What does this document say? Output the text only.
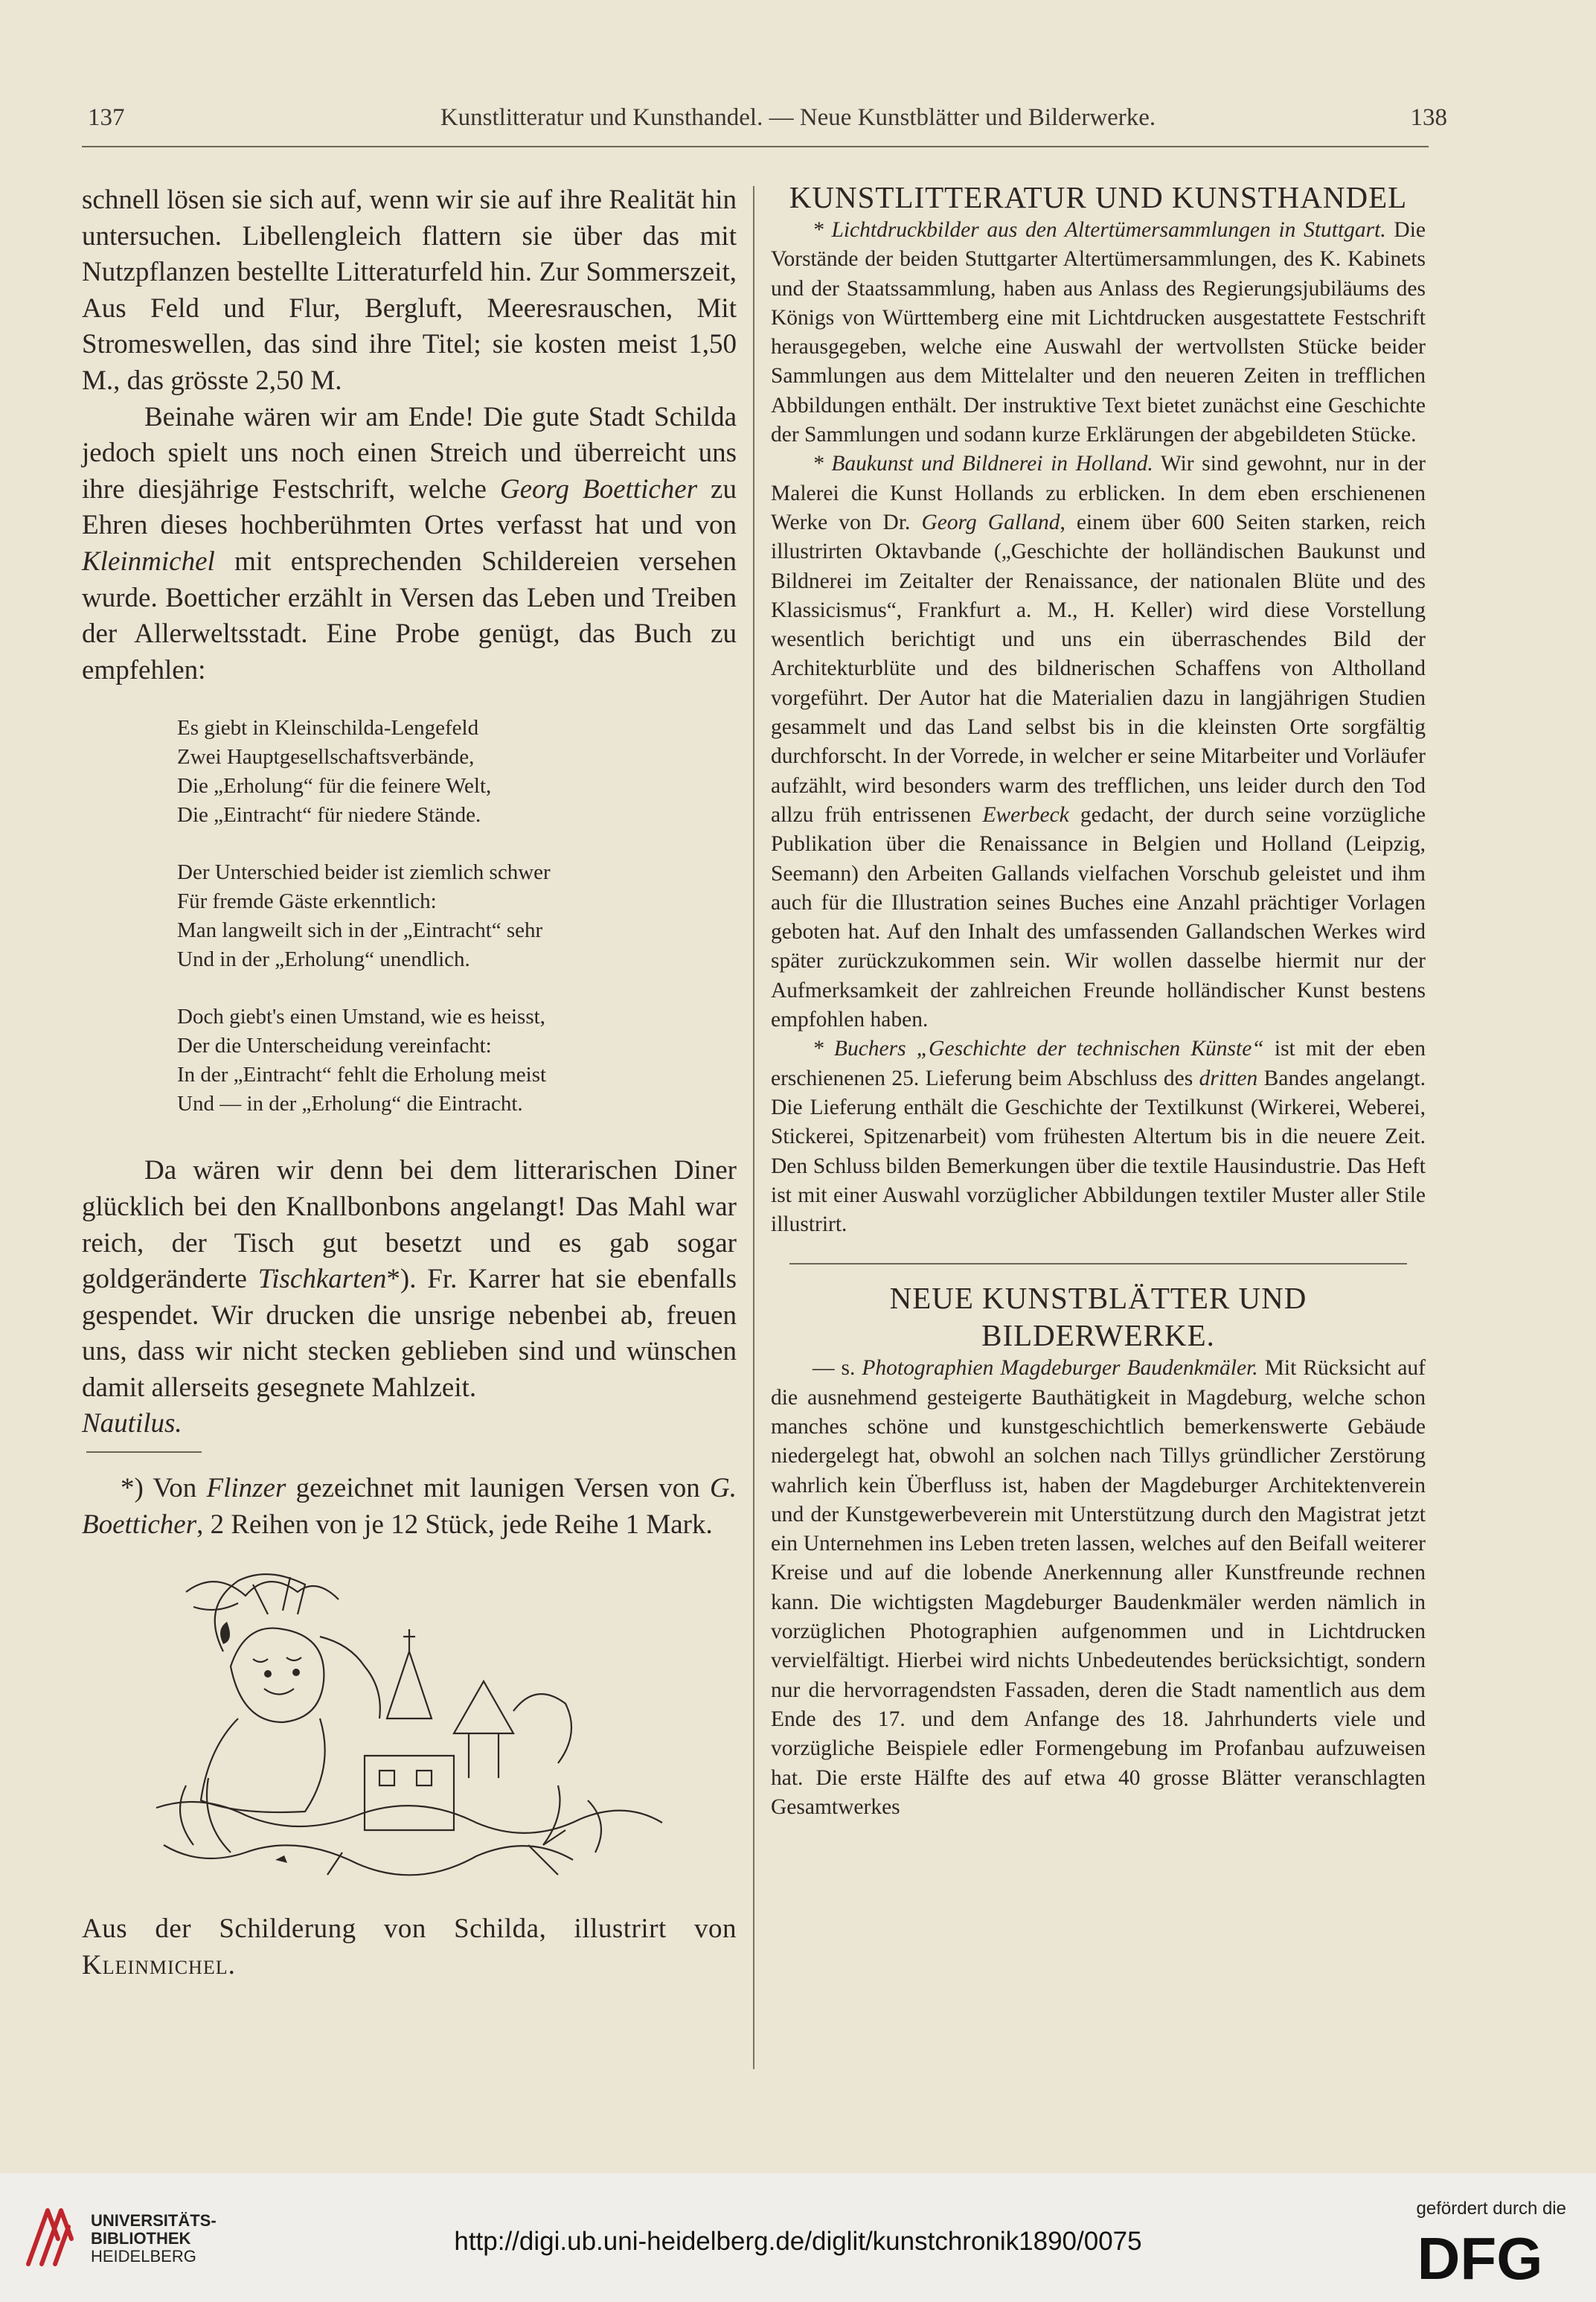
137	Kunstlitteratur und Kunsthandel. — Neue Kunstblätter und Bilderwerke.	138

schnell lösen sie sich auf, wenn wir sie auf ihre Realität hin untersuchen. Libellengleich flattern sie über das mit Nutzpflanzen bestellte Litteraturfeld hin. Zur Sommerszeit, Aus Feld und Flur, Bergluft, Meeresrauschen, Mit Stromeswellen, das sind ihre Titel; sie kosten meist 1,50 M., das grösste 2,50 M.

Beinahe wären wir am Ende! Die gute Stadt Schilda jedoch spielt uns noch einen Streich und überreicht uns ihre diesjährige Festschrift, welche Georg Boetticher zu Ehren dieses hochberühmten Ortes verfasst hat und von Kleinmichel mit entsprechenden Schildereien versehen wurde. Boetticher erzählt in Versen das Leben und Treiben der Allerweltsstadt. Eine Probe genügt, das Buch zu empfehlen:

Es giebt in Kleinschilda-Lengefeld
Zwei Hauptgesellschaftsverbände,
Die „Erholung“ für die feinere Welt,
Die „Eintracht“ für niedere Stände.
Der Unterschied beider ist ziemlich schwer
Für fremde Gäste erkenntlich:
Man langweilt sich in der „Eintracht“ sehr
Und in der „Erholung“ unendlich.
Doch giebt's einen Umstand, wie es heisst,
Der die Unterscheidung vereinfacht:
In der „Eintracht“ fehlt die Erholung meist
Und — in der „Erholung“ die Eintracht.

Da wären wir denn bei dem litterarischen Diner glücklich bei den Knallbonbons angelangt! Das Mahl war reich, der Tisch gut besetzt und es gab sogar goldgeränderte Tischkarten*). Fr. Karrer hat sie ebenfalls gespendet. Wir drucken die unsrige nebenbei ab, freuen uns, dass wir nicht stecken geblieben sind und wünschen damit allerseits gesegnete Mahlzeit.

Nautilus.

*) Von Flinzer gezeichnet mit launigen Versen von G. Boetticher, 2 Reihen von je 12 Stück, jede Reihe 1 Mark.

Aus der Schilderung von Schilda, illustrirt von Kleinmichel.

KUNSTLITTERATUR UND KUNSTHANDEL

* Lichtdruckbilder aus den Altertümersammlungen in Stuttgart. Die Vorstände der beiden Stuttgarter Altertümersammlungen, des K. Kabinets und der Staatssammlung, haben aus Anlass des Regierungsjubiläums des Königs von Württemberg eine mit Lichtdrucken ausgestattete Festschrift herausgegeben, welche eine Auswahl der wertvollsten Stücke beider Sammlungen aus dem Mittelalter und den neueren Zeiten in trefflichen Abbildungen enthält. Der instruktive Text bietet zunächst eine Geschichte der Sammlungen und sodann kurze Erklärungen der abgebildeten Stücke.

* Baukunst und Bildnerei in Holland. Wir sind gewohnt, nur in der Malerei die Kunst Hollands zu erblicken. In dem eben erschienenen Werke von Dr. Georg Galland, einem über 600 Seiten starken, reich illustrirten Oktavbande („Geschichte der holländischen Baukunst und Bildnerei im Zeitalter der Renaissance, der nationalen Blüte und des Klassicismus“, Frankfurt a. M., H. Keller) wird diese Vorstellung wesentlich berichtigt und uns ein überraschendes Bild der Architekturblüte und des bildnerischen Schaffens von Altholland vorgeführt. Der Autor hat die Materialien dazu in langjährigen Studien gesammelt und das Land selbst bis in die kleinsten Orte sorgfältig durchforscht. In der Vorrede, in welcher er seine Mitarbeiter und Vorläufer aufzählt, wird besonders warm des trefflichen, uns leider durch den Tod allzu früh entrissenen Ewerbeck gedacht, der durch seine vorzügliche Publikation über die Renaissance in Belgien und Holland (Leipzig, Seemann) den Arbeiten Gallands vielfachen Vorschub geleistet und ihm auch für die Illustration seines Buches eine Anzahl prächtiger Vorlagen geboten hat. Auf den Inhalt des umfassenden Gallandschen Werkes wird später zurückzukommen sein. Wir wollen dasselbe hiermit nur der Aufmerksamkeit der zahlreichen Freunde holländischer Kunst bestens empfohlen haben.

* Buchers „Geschichte der technischen Künste“ ist mit der eben erschienenen 25. Lieferung beim Abschluss des dritten Bandes angelangt. Die Lieferung enthält die Geschichte der Textilkunst (Wirkerei, Weberei, Stickerei, Spitzenarbeit) vom frühesten Altertum bis in die neuere Zeit. Den Schluss bilden Bemerkungen über die textile Hausindustrie. Das Heft ist mit einer Auswahl vorzüglicher Abbildungen textiler Muster aller Stile illustrirt.

NEUE KUNSTBLÄTTER UND BILDERWERKE.

— s. Photographien Magdeburger Baudenkmäler. Mit Rücksicht auf die ausnehmend gesteigerte Bauthätigkeit in Magdeburg, welche schon manches schöne und kunstgeschichtlich bemerkenswerte Gebäude niedergelegt hat, obwohl an solchen nach Tillys gründlicher Zerstörung wahrlich kein Überfluss ist, haben der Magdeburger Architektenverein und der Kunstgewerbeverein mit Unterstützung durch den Magistrat jetzt ein Unternehmen ins Leben treten lassen, welches auf den Beifall weiterer Kreise und auf die lobende Anerkennung aller Kunstfreunde rechnen kann. Die wichtigsten Magdeburger Baudenkmäler werden nämlich in vorzüglichen Photographien aufgenommen und in Lichtdrucken vervielfältigt. Hierbei wird nichts Unbedeutendes berücksichtigt, sondern nur die hervorragendsten Fassaden, deren die Stadt namentlich aus dem Ende des 17. und dem Anfange des 18. Jahrhunderts viele und vorzügliche Beispiele edler Formengebung im Profanbau aufzuweisen hat. Die erste Hälfte des auf etwa 40 grosse Blätter veranschlagten Gesamtwerkes

UNIVERSITÄTS-
BIBLIOTHEK
HEIDELBERG
http://digi.ub.uni-heidelberg.de/diglit/kunstchronik1890/0075
gefördert durch die
DFG
